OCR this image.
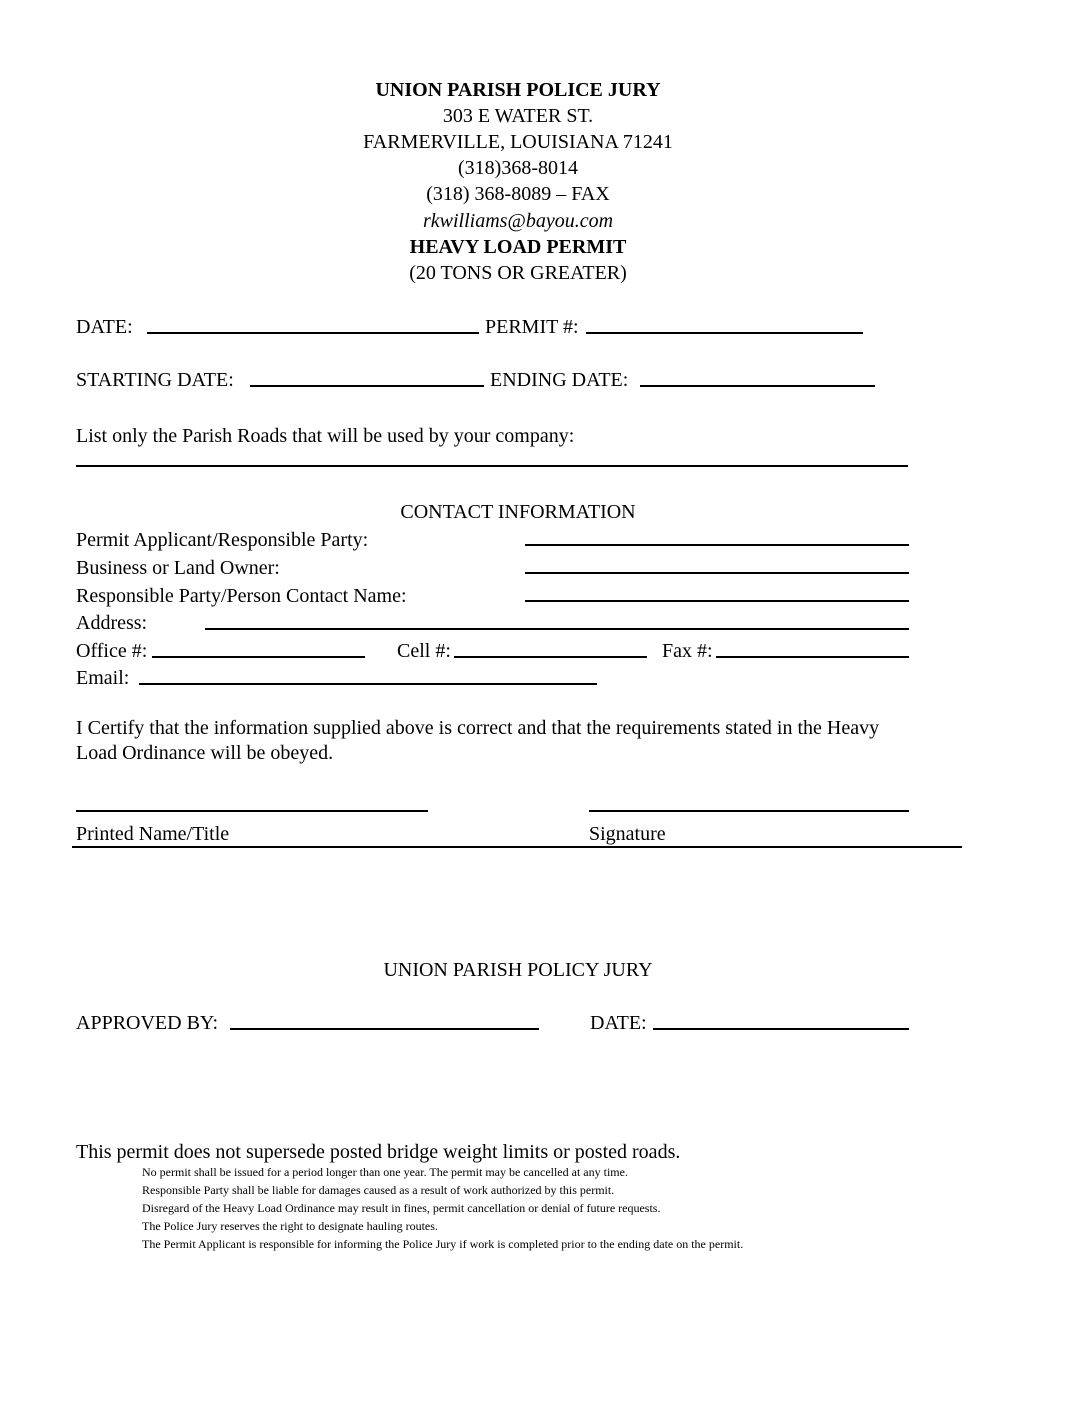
UNION PARISH POLICE JURY
303 E WATER ST.
FARMERVILLE, LOUISIANA 71241
(318)368-8014
(318) 368-8089 – FAX
rkwilliams@bayou.com
HEAVY LOAD PERMIT
(20 TONS OR GREATER)
DATE:	PERMIT #:
STARTING DATE:	ENDING DATE:
List only the Parish Roads that will be used by your company:
CONTACT INFORMATION
Permit Applicant/Responsible Party:
Business or Land Owner:
Responsible Party/Person Contact Name:
Address:
Office #:	Cell #:	Fax #:
Email:
I Certify that the information supplied above is correct and that the requirements stated in the Heavy
Load Ordinance will be obeyed.
Printed Name/Title	Signature
UNION PARISH POLICY JURY
APPROVED BY:	DATE:
This permit does not supersede posted bridge weight limits or posted roads.
No permit shall be issued for a period longer than one year. The permit may be cancelled at any time.
Responsible Party shall be liable for damages caused as a result of work authorized by this permit.
Disregard of the Heavy Load Ordinance may result in fines, permit cancellation or denial of future requests.
The Police Jury reserves the right to designate hauling routes.
The Permit Applicant is responsible for informing the Police Jury if work is completed prior to the ending date on the permit.
